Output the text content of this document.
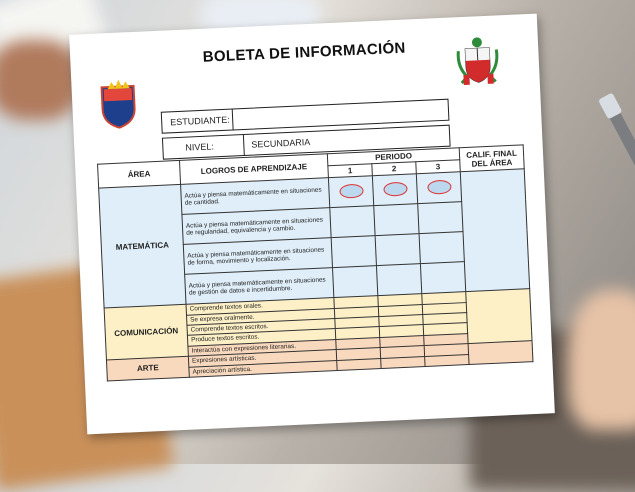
BOLETA DE INFORMACIÓN
ESTUDIANTE:
NIVEL:	SECUNDARIA
ÁREA	LOGROS DE APRENDIZAJE	PERIODO			CALIF. FINAL DEL ÁREA
		1	2	3	
MATEMÁTICA	Actúa y piensa matemáticamente en situaciones de cantidad.				
	Actúa y piensa matemáticamente en situaciones de regularidad, equivalencia y cambio.				
	Actúa y piensa matemáticamente en situaciones de forma, movimiento y localización.				
	Actúa y piensa matemáticamente en situaciones de gestión de datos e incertidumbre.				
COMUNICACIÓN	Comprende textos orales.				
	Se expresa oralmente.				
	Comprende textos escritos.				
	Produce textos escritos.				
	Interactúa con expresiones literarias.				
ARTE	Expresiones artísticas.				
	Apreciación artística.				
